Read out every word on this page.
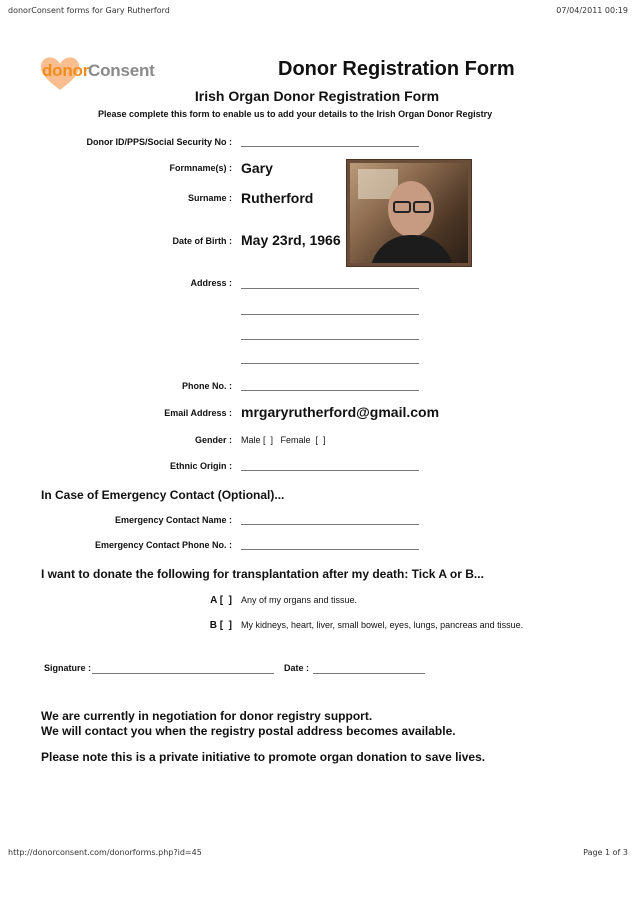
donorConsent forms for Gary Rutherford	07/04/2011 00:19
donor
Consent	Donor Registration Form
Irish Organ Donor Registration Form
Please complete this form to enable us to add your details to the Irish Organ Donor Registry
Donor ID/PPS/Social Security No :
Formname(s) : Gary
Surname : Rutherford
Date of Birth : May 23rd, 1966
Address :
Phone No. :
Email Address : mrgaryrutherford@gmail.com
Gender : Male [  ]   Female  [  ]
Ethnic Origin :
In Case of Emergency Contact (Optional)...
Emergency Contact Name :
Emergency Contact Phone No. :
I want to donate the following for transplantation after my death: Tick A or B...
A [  ] Any of my organs and tissue.
B [  ] My kidneys, heart, liver, small bowel, eyes, lungs, pancreas and tissue.
Signature :	Date :
We are currently in negotiation for donor registry support.
We will contact you when the registry postal address becomes available.
Please note this is a private initiative to promote organ donation to save lives.
http://donorconsent.com/donorforms.php?id=45	Page 1 of 3
